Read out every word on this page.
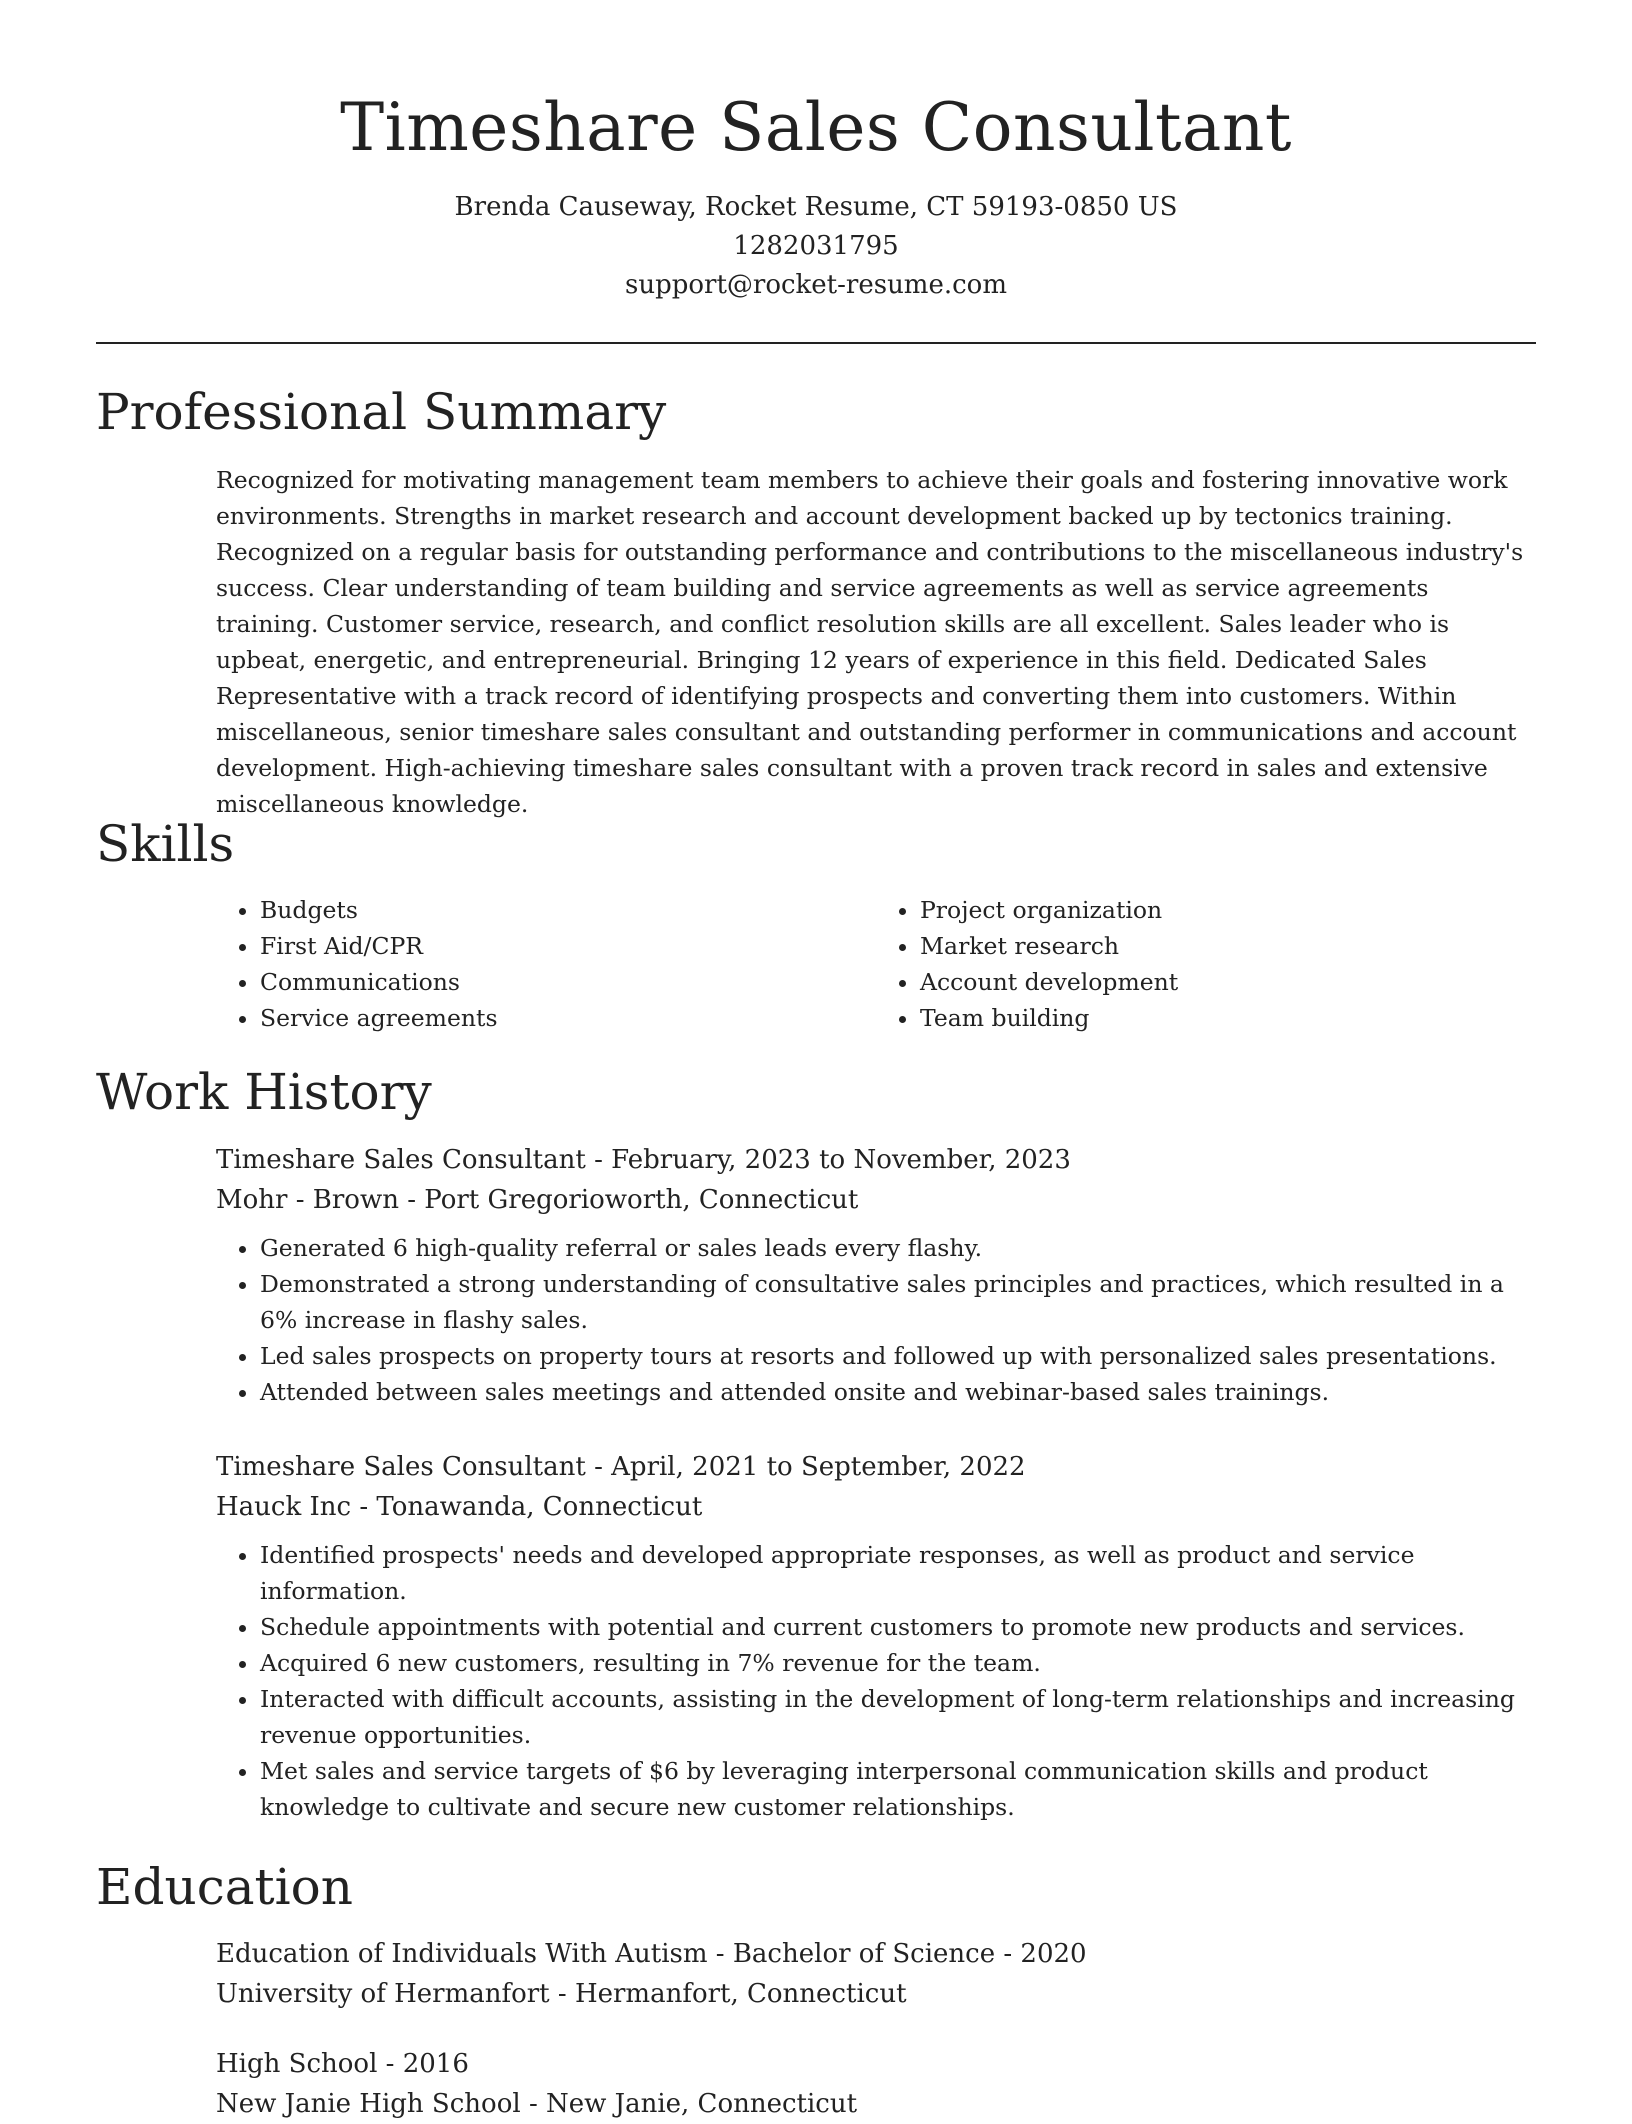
Timeshare Sales Consultant
Brenda Causeway, Rocket Resume, CT 59193-0850 US
1282031795
support@rocket-resume.com
Professional Summary

Recognized for motivating management team members to achieve their goals and fostering innovative work environments. Strengths in market research and account development backed up by tectonics training. Recognized on a regular basis for outstanding performance and contributions to the miscellaneous industry's success. Clear understanding of team building and service agreements as well as service agreements training. Customer service, research, and conflict resolution skills are all excellent. Sales leader who is upbeat, energetic, and entrepreneurial. Bringing 12 years of experience in this field. Dedicated Sales Representative with a track record of identifying prospects and converting them into customers. Within miscellaneous, senior timeshare sales consultant and outstanding performer in communications and account development. High-achieving timeshare sales consultant with a proven track record in sales and extensive miscellaneous knowledge.

Skills
• Budgets
• First Aid/CPR
• Communications
• Service agreements
• Project organization
• Market research
• Account development
• Team building
Work History
Timeshare Sales Consultant - February, 2023 to November, 2023
Mohr - Brown - Port Gregorioworth, Connecticut
• Generated 6 high-quality referral or sales leads every flashy.
• Demonstrated a strong understanding of consultative sales principles and practices, which resulted in a 6% increase in flashy sales.
• Led sales prospects on property tours at resorts and followed up with personalized sales presentations.
• Attended between sales meetings and attended onsite and webinar-based sales trainings.
Timeshare Sales Consultant - April, 2021 to September, 2022
Hauck Inc - Tonawanda, Connecticut
• Identified prospects' needs and developed appropriate responses, as well as product and service information.
• Schedule appointments with potential and current customers to promote new products and services.
• Acquired 6 new customers, resulting in 7% revenue for the team.
• Interacted with difficult accounts, assisting in the development of long-term relationships and increasing revenue opportunities.
• Met sales and service targets of $6 by leveraging interpersonal communication skills and product knowledge to cultivate and secure new customer relationships.
Education
Education of Individuals With Autism - Bachelor of Science - 2020
University of Hermanfort - Hermanfort, Connecticut
High School - 2016
New Janie High School - New Janie, Connecticut
